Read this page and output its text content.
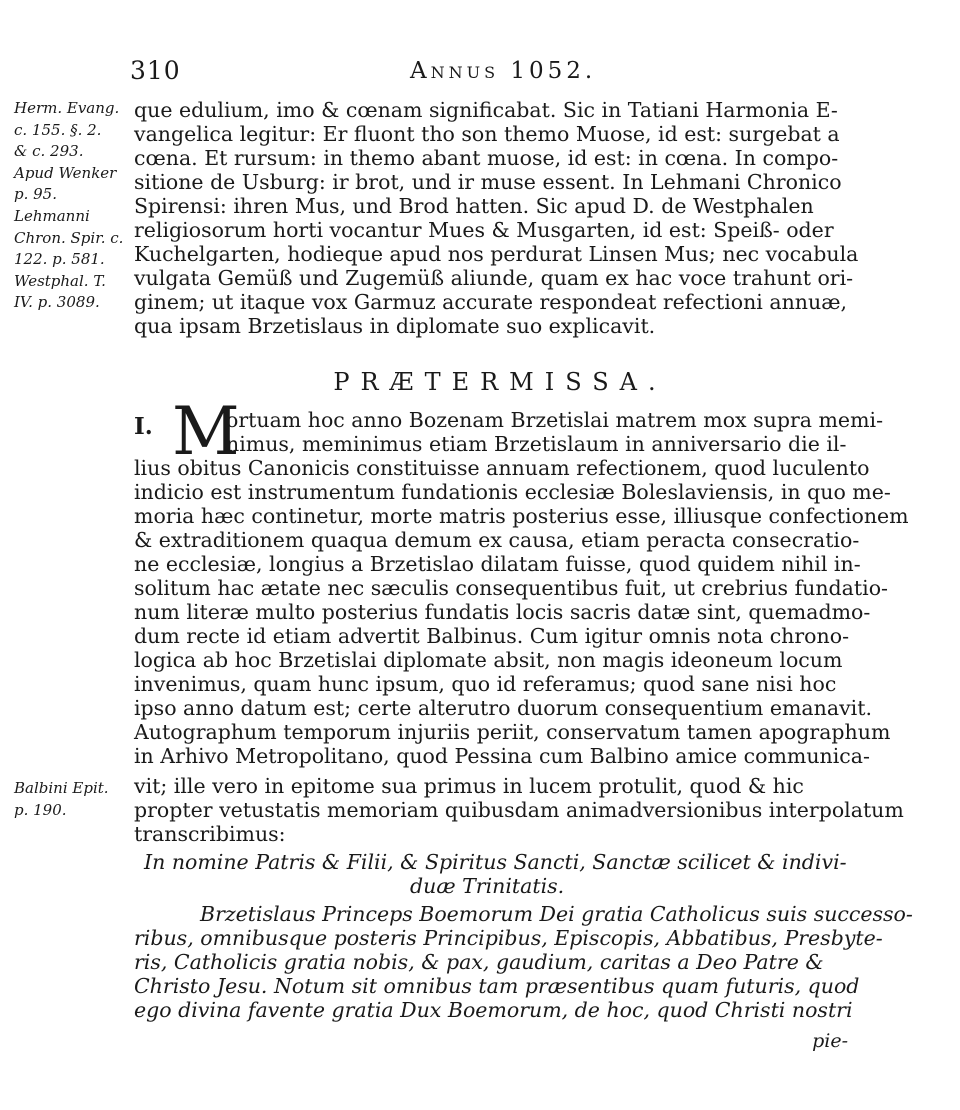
310	Annus 1052.
Herm. Evang.
c. 155. §. 2.
& c. 293.
Apud Wenker
p. 95.
Lehmanni
Chron. Spir. c.
122. p. 581.
Westphal. T.
IV. p. 3089.
Balbini Epit.
p. 190.
que edulium, imo & cœnam significabat. Sic in Tatiani Harmonia E-
vangelica legitur: Er fluont tho son themo Muose, id est: surgebat a
cœna. Et rursum: in themo abant muose, id est: in cœna. In compo-
sitione de Usburg: ir brot, und ir muse essent. In Lehmani Chronico
Spirensi: ihren Mus, und Brod hatten. Sic apud D. de Westphalen
religiosorum horti vocantur Mues & Musgarten, id est: Speiß- oder
Kuchelgarten, hodieque apud nos perdurat Linsen Mus; nec vocabula
vulgata Gemüß und Zugemüß aliunde, quam ex hac voce trahunt ori-
ginem; ut itaque vox Garmuz accurate respondeat refectioni annuæ,
qua ipsam Brzetislaus in diplomate suo explicavit.
PRÆTERMISSA.
I. M
ortuam hoc anno Bozenam Brzetislai matrem mox supra memi-
nimus, meminimus etiam Brzetislaum in anniversario die il-
lius obitus Canonicis constituisse annuam refectionem, quod luculento
indicio est instrumentum fundationis ecclesiæ Boleslaviensis, in quo me-
moria hæc continetur, morte matris posterius esse, illiusque confectionem
& extraditionem quaqua demum ex causa, etiam peracta consecratio-
ne ecclesiæ, longius a Brzetislao dilatam fuisse, quod quidem nihil in-
solitum hac ætate nec sæculis consequentibus fuit, ut crebrius fundatio-
num literæ multo posterius fundatis locis sacris datæ sint, quemadmo-
dum recte id etiam advertit Balbinus. Cum igitur omnis nota chrono-
logica ab hoc Brzetislai diplomate absit, non magis ideoneum locum
invenimus, quam hunc ipsum, quo id referamus; quod sane nisi hoc
ipso anno datum est; certe alterutro duorum consequentium emanavit.
Autographum temporum injuriis periit, conservatum tamen apographum
in Arhivo Metropolitano, quod Pessina cum Balbino amice communica-
vit; ille vero in epitome sua primus in lucem protulit, quod & hic
propter vetustatis memoriam quibusdam animadversionibus interpolatum
transcribimus:
In nomine Patris & Filii, & Spiritus Sancti, Sanctæ scilicet & indivi-
duæ Trinitatis.
Brzetislaus Princeps Boemorum Dei gratia Catholicus suis successo-
ribus, omnibusque posteris Principibus, Episcopis, Abbatibus, Presbyte-
ris, Catholicis gratia nobis, & pax, gaudium, caritas a Deo Patre &
Christo Jesu. Notum sit omnibus tam præsentibus quam futuris, quod
ego divina favente gratia Dux Boemorum, de hoc, quod Christi nostri
pie-
